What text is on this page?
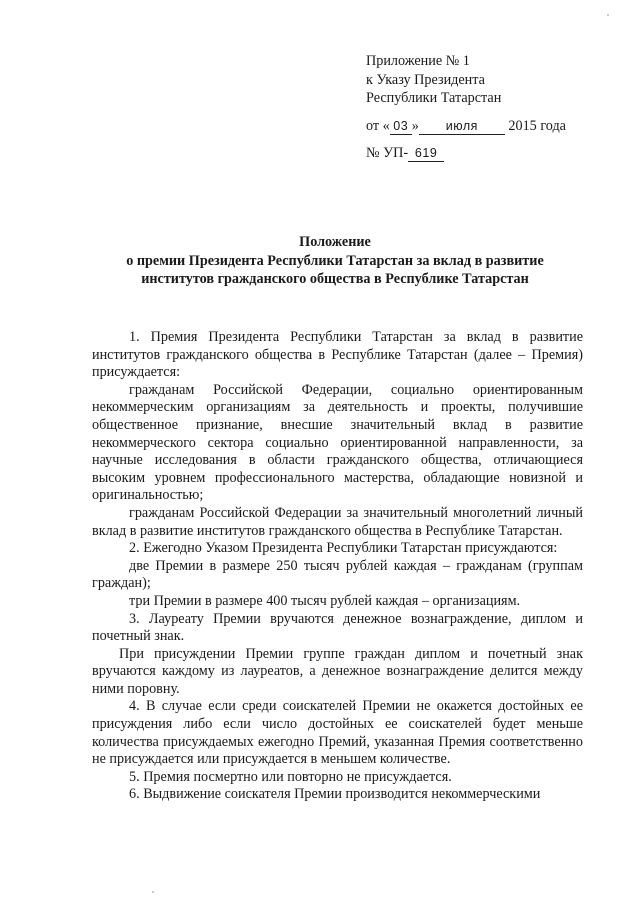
Приложение № 1
к Указу Президента
Республики Татарстан
от « 03 » июля 2015 года
№ УП- 619
Положение
о премии Президента Республики Татарстан за вклад в развитие
институтов гражданского общества в Республике Татарстан

1. Премия Президента Республики Татарстан за вклад в развитие институтов гражданского общества в Республике Татарстан (далее – Премия) присуждается:

гражданам Российской Федерации, социально ориентированным некоммерческим организациям за деятельность и проекты, получившие общественное признание, внесшие значительный вклад в развитие некоммерческого сектора социально ориентированной направленности, за научные исследования в области гражданского общества, отличающиеся высоким уровнем профессионального мастерства, обладающие новизной и оригинальностью;

гражданам Российской Федерации за значительный многолетний личный вклад в развитие институтов гражданского общества в Республике Татарстан.

2. Ежегодно Указом Президента Республики Татарстан присуждаются:

две Премии в размере 250 тысяч рублей каждая – гражданам (группам граждан);

три Премии в размере 400 тысяч рублей каждая – организациям.

3. Лауреату Премии вручаются денежное вознаграждение, диплом и почетный знак.

При присуждении Премии группе граждан диплом и почетный знак вручаются каждому из лауреатов, а денежное вознаграждение делится между ними поровну.

4. В случае если среди соискателей Премии не окажется достойных ее присуждения либо если число достойных ее соискателей будет меньше количества присуждаемых ежегодно Премий, указанная Премия соответственно не присуждается или присуждается в меньшем количестве.

5. Премия посмертно или повторно не присуждается.

6. Выдвижение соискателя Премии производится некоммерческими
